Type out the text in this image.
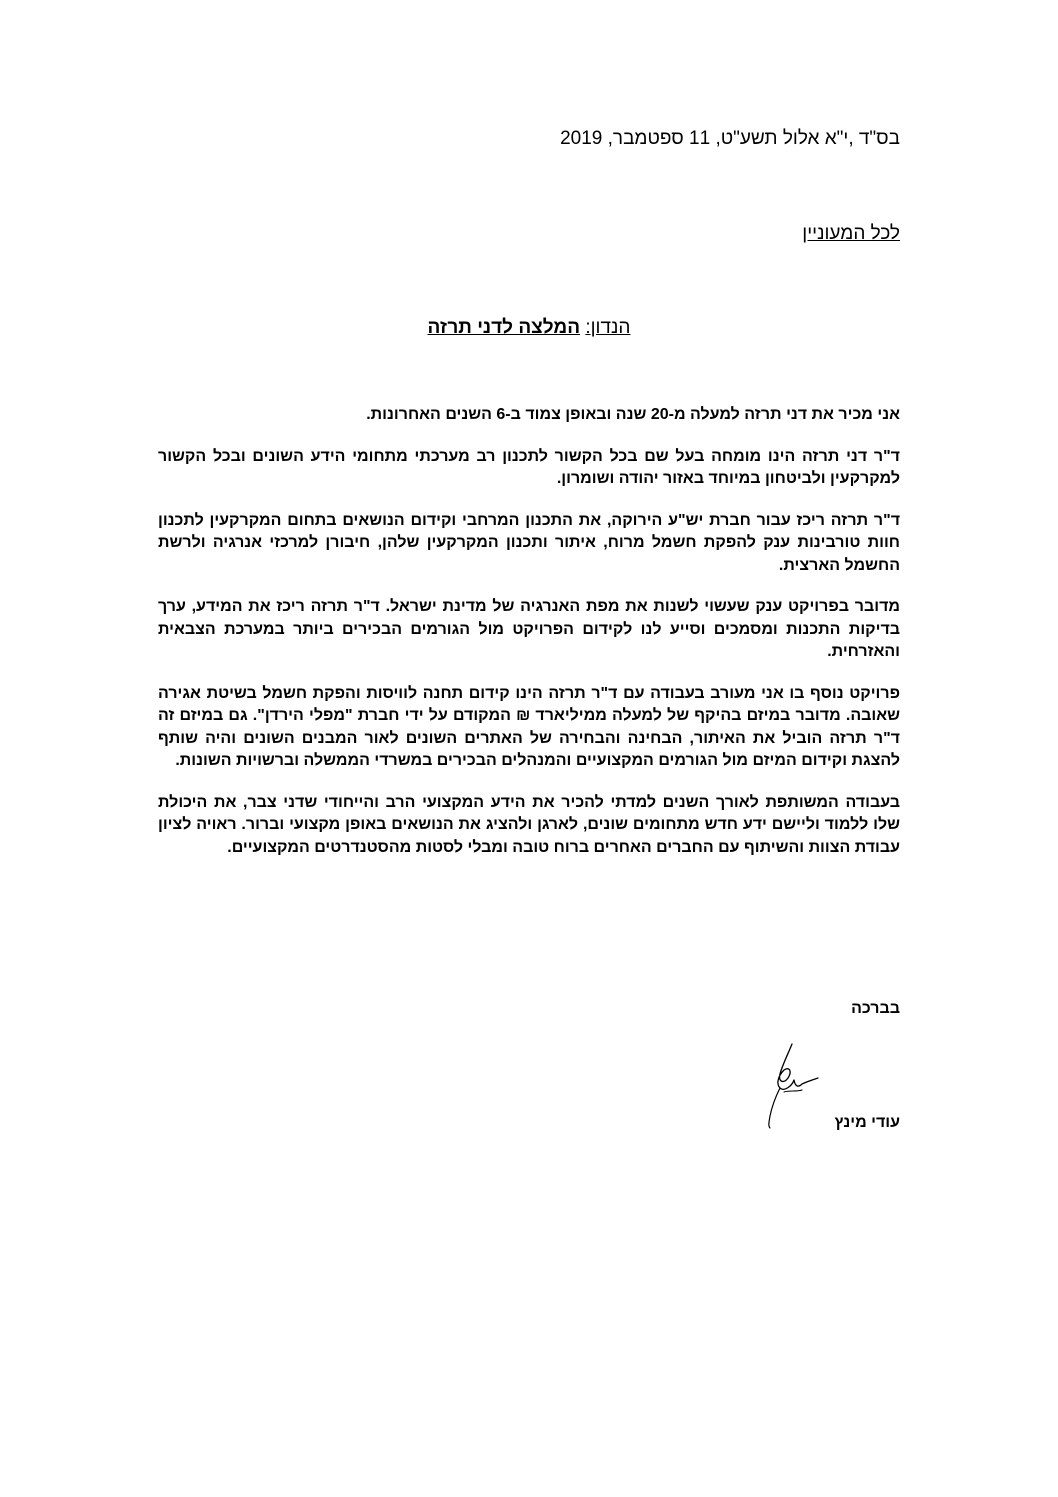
בס"ד ,י"א אלול תשע"ט, 11 ספטמבר, 2019
לכל המעוניין
הנדון: המלצה לדני תרזה

אני מכיר את דני תרזה למעלה מ-20 שנה ובאופן צמוד ב-6 השנים האחרונות.

ד"ר דני תרזה הינו מומחה בעל שם בכל הקשור לתכנון רב מערכתי מתחומי הידע השונים ובכל הקשור למקרקעין ולביטחון במיוחד באזור יהודה ושומרון.

ד"ר תרזה ריכז עבור חברת יש"ע הירוקה, את התכנון המרחבי וקידום הנושאים בתחום המקרקעין לתכנון חוות טורבינות ענק להפקת חשמל מרוח, איתור ותכנון המקרקעין שלהן, חיבורן למרכזי אנרגיה ולרשת החשמל הארצית.

מדובר בפרויקט ענק שעשוי לשנות את מפת האנרגיה של מדינת ישראל. ד"ר תרזה ריכז את המידע, ערך בדיקות התכנות ומסמכים וסייע לנו לקידום הפרויקט מול הגורמים הבכירים ביותר במערכת הצבאית והאזרחית.

פרויקט נוסף בו אני מעורב בעבודה עם ד"ר תרזה הינו קידום תחנה לוויסות והפקת חשמל בשיטת אגירה שאובה. מדובר במיזם בהיקף של למעלה ממיליארד ₪ המקודם על ידי חברת "מפלי הירדן". גם במיזם זה ד"ר תרזה הוביל את האיתור, הבחינה והבחירה של האתרים השונים לאור המבנים השונים והיה שותף להצגת וקידום המיזם מול הגורמים המקצועיים והמנהלים הבכירים במשרדי הממשלה וברשויות השונות.

בעבודה המשותפת לאורך השנים למדתי להכיר את הידע המקצועי הרב והייחודי שדני צבר, את היכולת שלו ללמוד וליישם ידע חדש מתחומים שונים, לארגן ולהציג את הנושאים באופן מקצועי וברור. ראויה לציון עבודת הצוות והשיתוף עם החברים האחרים ברוח טובה ומבלי לסטות מהסטנדרטים המקצועיים.

בברכה
עודי מינץ
